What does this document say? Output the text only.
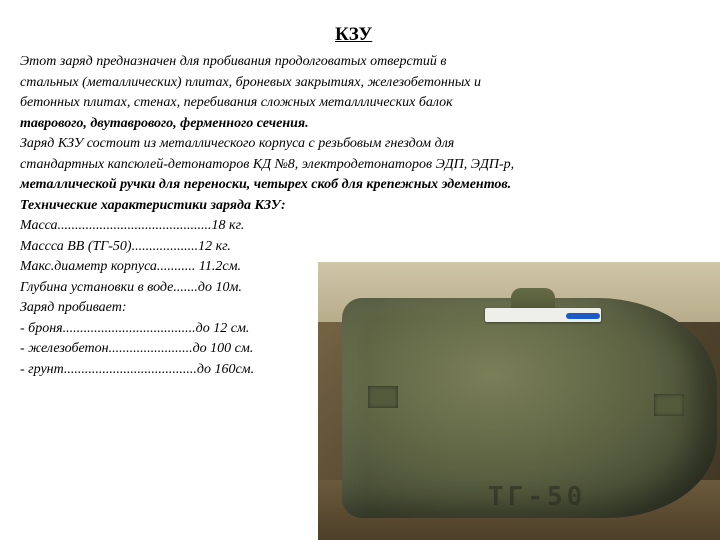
КЗУ
Этот заряд предназначен для пробивания продолговатых отверстий в
стальных (металлических) плитах, броневых закрытиях, железобетонных и
бетонных плитах, стенах, перебивания сложных металллических балок
таврового, двутаврового, ферменного сечения.
Заряд КЗУ состоит из металлического корпуса с резьбовым гнездом для
стандартных капсюлей-детонаторов КД №8, электродетонаторов ЭДП, ЭДП-р,
металлической ручки для переноски, четырех скоб для крепежных эдементов.
Технические характеристики заряда КЗУ:
Масса............................................18 кг.
Массса ВВ (ТГ-50)...................12 кг.
Макс.диаметр корпуса........... 11.2см.
Глубина установки в воде.......до 10м.
Заряд пробивает:
- броня......................................до 12 см.
- железобетон........................до 100 см.
- грунт......................................до 160см.
ТГ-50
